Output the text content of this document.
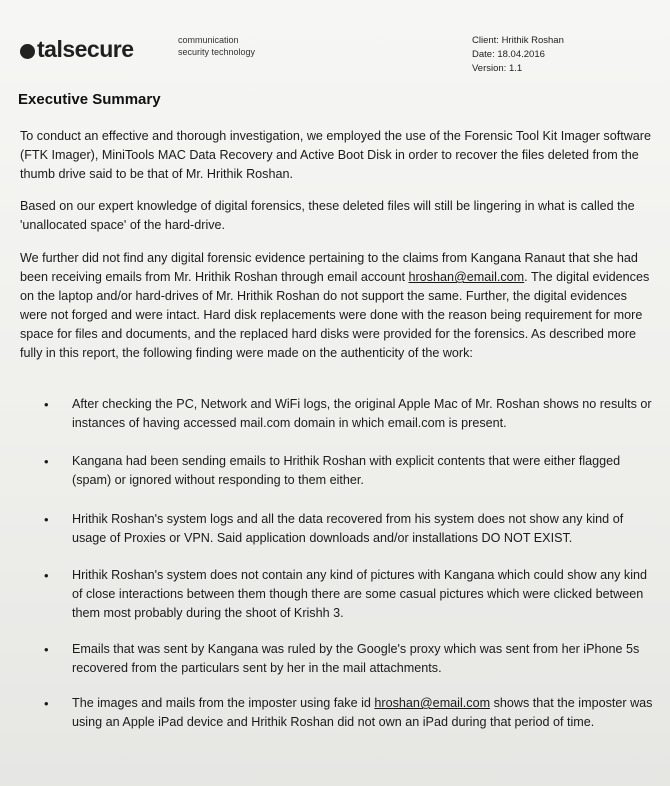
talsecure	communication
security technology
Client: Hrithik Roshan
Date: 18.04.2016
Version: 1.1
Executive Summary
To conduct an effective and thorough investigation, we employed the use of the Forensic Tool Kit Imager software (FTK Imager), MiniTools MAC Data Recovery and Active Boot Disk in order to recover the files deleted from the thumb drive said to be that of Mr. Hrithik Roshan.
Based on our expert knowledge of digital forensics, these deleted files will still be lingering in what is called the 'unallocated space' of the hard-drive.
We further did not find any digital forensic evidence pertaining to the claims from Kangana Ranaut that she had been receiving emails from Mr. Hrithik Roshan through email account hroshan@email.com. The digital evidences on the laptop and/or hard-drives of Mr. Hrithik Roshan do not support the same. Further, the digital evidences were not forged and were intact. Hard disk replacements were done with the reason being requirement for more space for files and documents, and the replaced hard disks were provided for the forensics. As described more fully in this report, the following finding were made on the authenticity of the work:
• After checking the PC, Network and WiFi logs, the original Apple Mac of Mr. Roshan shows no results or instances of having accessed mail.com domain in which email.com is present.
• Kangana had been sending emails to Hrithik Roshan with explicit contents that were either flagged (spam) or ignored without responding to them either.
• Hrithik Roshan's system logs and all the data recovered from his system does not show any kind of usage of Proxies or VPN. Said application downloads and/or installations DO NOT EXIST.
• Hrithik Roshan's system does not contain any kind of pictures with Kangana which could show any kind of close interactions between them though there are some casual pictures which were clicked between them most probably during the shoot of Krishh 3.
• Emails that was sent by Kangana was ruled by the Google's proxy which was sent from her iPhone 5s recovered from the particulars sent by her in the mail attachments.
• The images and mails from the imposter using fake id hroshan@email.com shows that the imposter was using an Apple iPad device and Hrithik Roshan did not own an iPad during that period of time.
